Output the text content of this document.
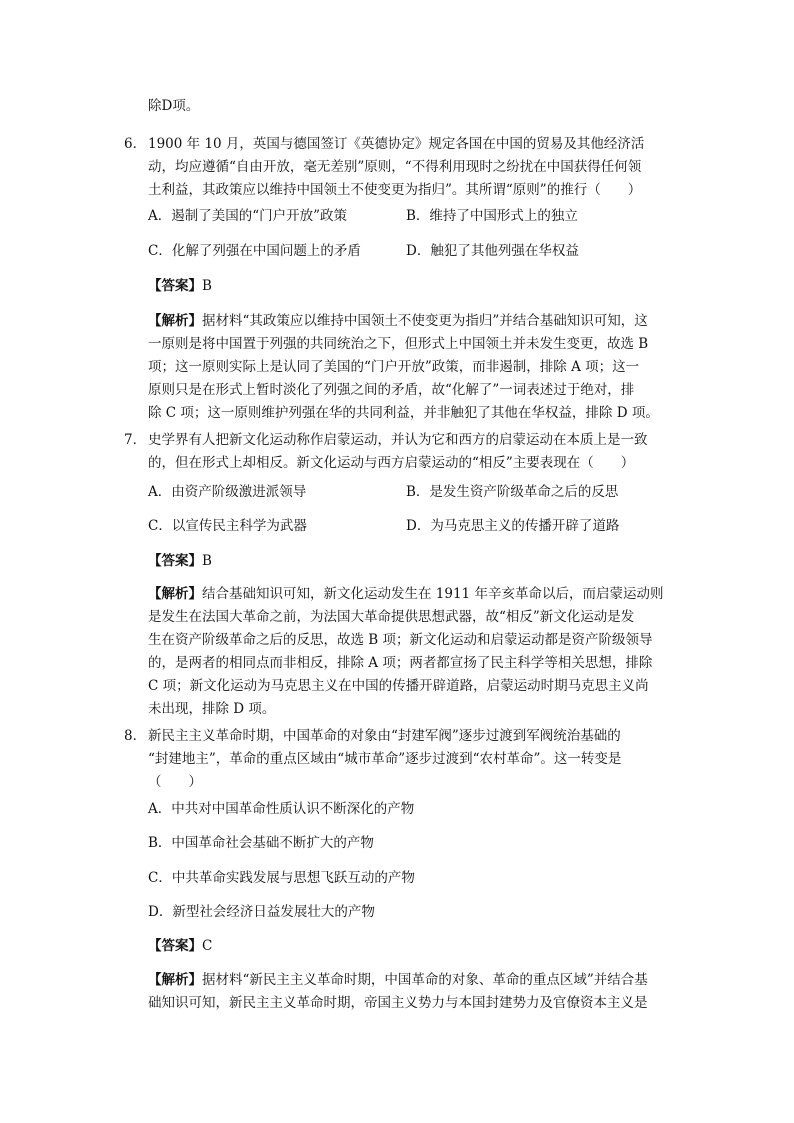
除D项。
6． 1900 年 10 月，英国与德国签订《英德协定》规定各国在中国的贸易及其他经济活
动，均应遵循“自由开放，毫无差别”原则，“不得利用现时之纷扰在中国获得任何领
土利益，其政策应以维持中国领土不使变更为指归”。其所谓“原则”的推行（　　）
A．遏制了美国的“门户开放”政策	B．维持了中国形式上的独立
C．化解了列强在中国问题上的矛盾	D．触犯了其他列强在华权益
【答案】B
【解析】据材料“其政策应以维持中国领土不使变更为指归”并结合基础知识可知，这
一原则是将中国置于列强的共同统治之下，但形式上中国领土并未发生变更，故选 B
项；这一原则实际上是认同了美国的“门户开放”政策，而非遏制，排除 A 项；这一
原则只是在形式上暂时淡化了列强之间的矛盾，故“化解了”一词表述过于绝对，排
除 C 项；这一原则维护列强在华的共同利益，并非触犯了其他在华权益，排除 D 项。
7． 史学界有人把新文化运动称作启蒙运动，并认为它和西方的启蒙运动在本质上是一致
的，但在形式上却相反。新文化运动与西方启蒙运动的“相反”主要表现在（　　）
A．由资产阶级激进派领导	B．是发生资产阶级革命之后的反思
C．以宣传民主科学为武器	D．为马克思主义的传播开辟了道路
【答案】B
【解析】结合基础知识可知，新文化运动发生在 1911 年辛亥革命以后，而启蒙运动则
是发生在法国大革命之前，为法国大革命提供思想武器，故“相反”新文化运动是发
生在资产阶级革命之后的反思，故选 B 项；新文化运动和启蒙运动都是资产阶级领导
的，是两者的相同点而非相反，排除 A 项；两者都宣扬了民主科学等相关思想，排除
C 项；新文化运动为马克思主义在中国的传播开辟道路，启蒙运动时期马克思主义尚
未出现，排除 D 项。
8． 新民主主义革命时期，中国革命的对象由“封建军阀”逐步过渡到军阀统治基础的
“封建地主”，革命的重点区域由“城市革命”逐步过渡到“农村革命”。这一转变是
（　　）
A．中共对中国革命性质认识不断深化的产物
B．中国革命社会基础不断扩大的产物
C．中共革命实践发展与思想飞跃互动的产物
D．新型社会经济日益发展壮大的产物
【答案】C
【解析】据材料“新民主主义革命时期，中国革命的对象、革命的重点区域”并结合基
础知识可知，新民主主义革命时期，帝国主义势力与本国封建势力及官僚资本主义是
